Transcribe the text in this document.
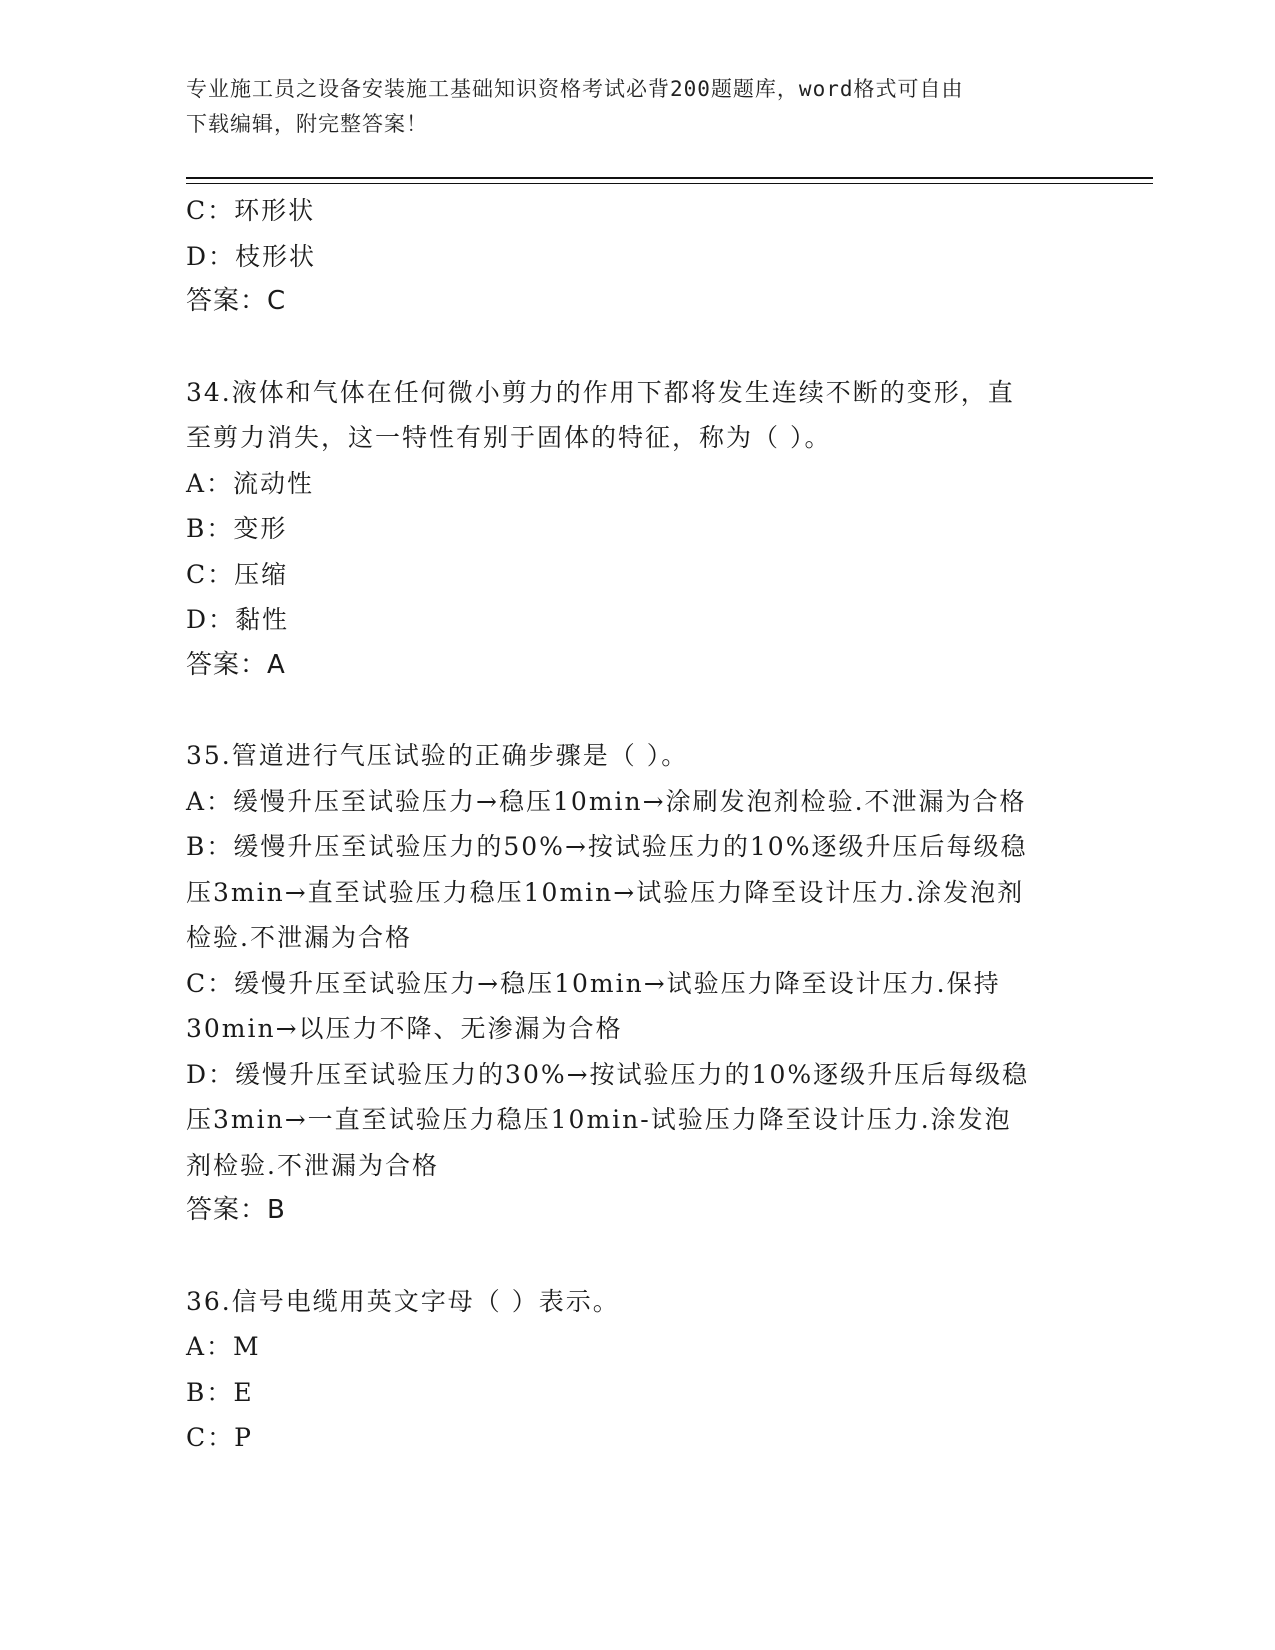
专业施工员之设备安装施工基础知识资格考试必背200题题库，word格式可自由
下载编辑，附完整答案！
C：环形状
D：枝形状
答案：C
34.液体和气体在任何微小剪力的作用下都将发生连续不断的变形，直
至剪力消失，这一特性有别于固体的特征，称为（ ）。
A：流动性
B：变形
C：压缩
D：黏性
答案：A
35.管道进行气压试验的正确步骤是（ ）。
A：缓慢升压至试验压力→稳压10min→涂刷发泡剂检验.不泄漏为合格
B：缓慢升压至试验压力的50%→按试验压力的10%逐级升压后每级稳
压3min→直至试验压力稳压10min→试验压力降至设计压力.涂发泡剂
检验.不泄漏为合格
C：缓慢升压至试验压力→稳压10min→试验压力降至设计压力.保持
30min→以压力不降、无渗漏为合格
D：缓慢升压至试验压力的30%→按试验压力的10%逐级升压后每级稳
压3min→一直至试验压力稳压10min-试验压力降至设计压力.涂发泡
剂检验.不泄漏为合格
答案：B
36.信号电缆用英文字母（ ）表示。
A：M
B：E
C：P
